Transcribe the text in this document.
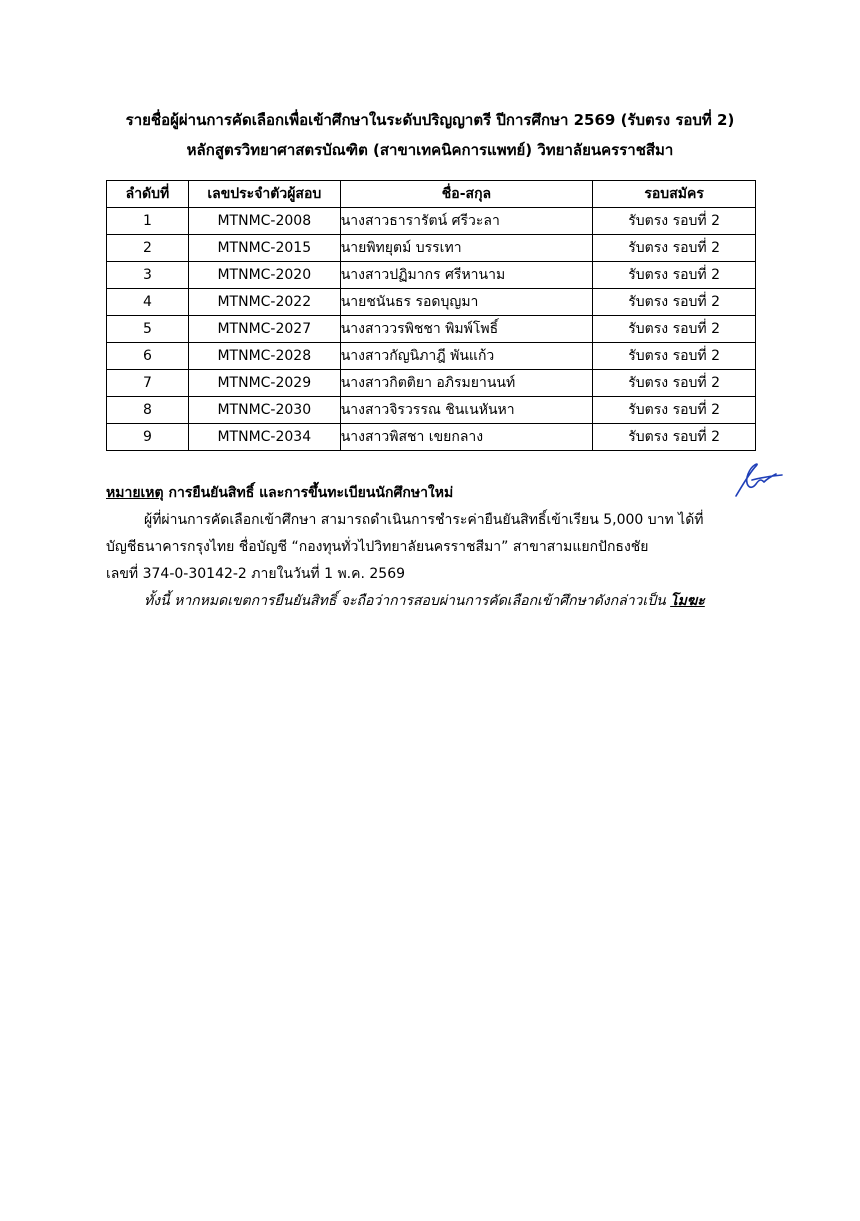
รายชื่อผู้ผ่านการคัดเลือกเพื่อเข้าศึกษาในระดับปริญญาตรี ปีการศึกษา 2569 (รับตรง รอบที่ 2)
หลักสูตรวิทยาศาสตรบัณฑิต (สาขาเทคนิคการแพทย์) วิทยาลัยนครราชสีมา
ลำดับที่	เลขประจำตัวผู้สอบ	ชื่อ-สกุล	รอบสมัคร
1	MTNMC-2008	นางสาวธารารัตน์ ศรีวะลา	รับตรง รอบที่ 2
2	MTNMC-2015	นายพิทยุตม์ บรรเทา	รับตรง รอบที่ 2
3	MTNMC-2020	นางสาวปฏิมากร ศรีหานาม	รับตรง รอบที่ 2
4	MTNMC-2022	นายชนันธร รอดบุญมา	รับตรง รอบที่ 2
5	MTNMC-2027	นางสาววรพิชชา พิมพ์โพธิ์	รับตรง รอบที่ 2
6	MTNMC-2028	นางสาวกัญนิภาฎี พันแก้ว	รับตรง รอบที่ 2
7	MTNMC-2029	นางสาวกิตติยา อภิรมยานนท์	รับตรง รอบที่ 2
8	MTNMC-2030	นางสาวจิรวรรณ ชินเนหันหา	รับตรง รอบที่ 2
9	MTNMC-2034	นางสาวพิสชา เขยกลาง	รับตรง รอบที่ 2
หมายเหตุ การยืนยันสิทธิ์ และการขึ้นทะเบียนนักศึกษาใหม่
ผู้ที่ผ่านการคัดเลือกเข้าศึกษา สามารถดำเนินการชำระค่ายืนยันสิทธิ์เข้าเรียน 5,000 บาท ได้ที่
บัญชีธนาคารกรุงไทย ชื่อบัญชี “กองทุนทั่วไปวิทยาลัยนครราชสีมา” สาขาสามแยกปักธงชัย
เลขที่ 374-0-30142-2 ภายในวันที่ 1 พ.ค. 2569
ทั้งนี้ หากหมดเขตการยืนยันสิทธิ์ จะถือว่าการสอบผ่านการคัดเลือกเข้าศึกษาดังกล่าวเป็น โมฆะ
